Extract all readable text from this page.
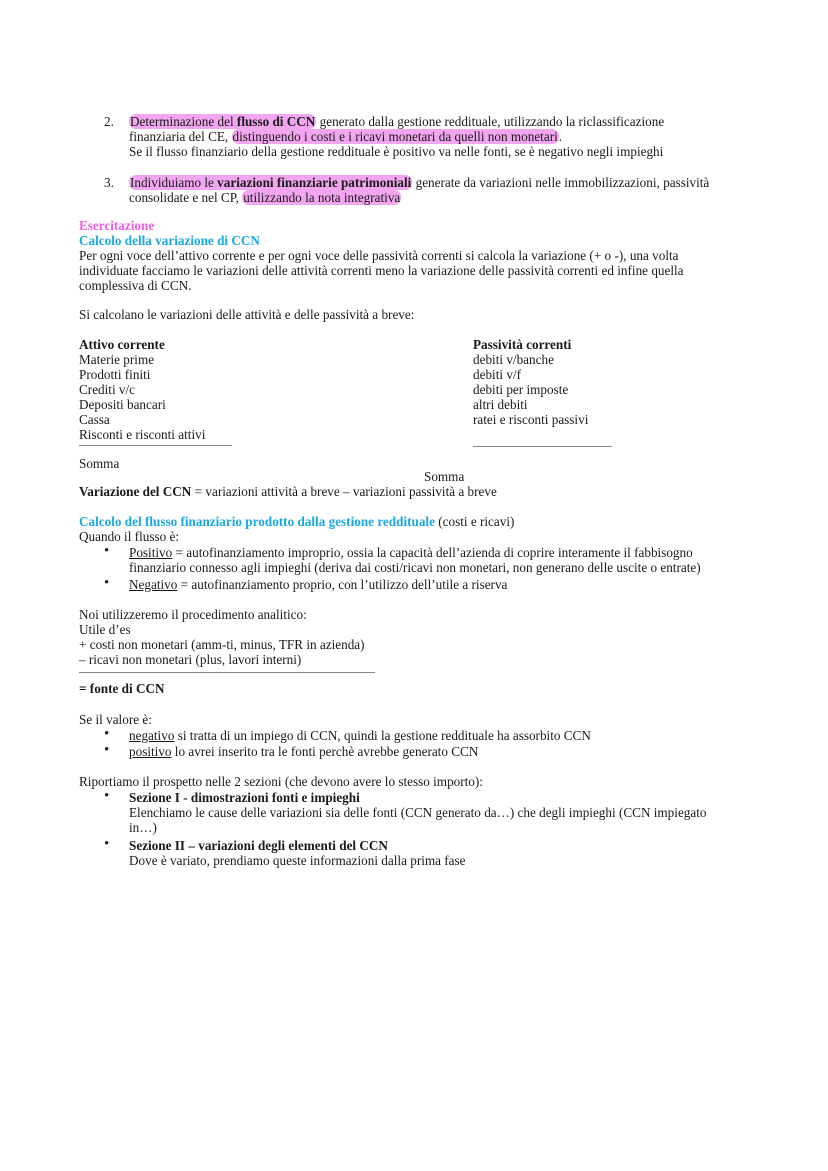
2. Determinazione del flusso di CCN generato dalla gestione reddituale, utilizzando la riclassificazione
finanziaria del CE, distinguendo i costi e i ricavi monetari da quelli non monetari.
Se il flusso finanziario della gestione reddituale è positivo va nelle fonti, se è negativo negli impieghi
3. Individuiamo le variazioni finanziarie patrimoniali generate da variazioni nelle immobilizzazioni, passività
consolidate e nel CP, utilizzando la nota integrativa
Esercitazione
Calcolo della variazione di CCN
Per ogni voce dell’attivo corrente e per ogni voce delle passività correnti si calcola la variazione (+ o -), una volta
individuate facciamo le variazioni delle attività correnti meno la variazione delle passività correnti ed infine quella
complessiva di CCN.
Si calcolano le variazioni delle attività e delle passività a breve:
Attivo corrente
Materie prime
Prodotti finiti
Crediti v/c
Depositi bancari
Cassa
Risconti e risconti attivi
Somma
Passività correnti
debiti v/banche
debiti v/f
debiti per imposte
altri debiti
ratei e risconti passivi
Somma
Variazione del CCN = variazioni attività a breve – variazioni passività a breve
Calcolo del flusso finanziario prodotto dalla gestione reddituale (costi e ricavi)
Quando il flusso è:
• Positivo = autofinanziamento improprio, ossia la capacità dell’azienda di coprire interamente il fabbisogno
finanziario connesso agli impieghi (deriva dai costi/ricavi non monetari, non generano delle uscite o entrate)
• Negativo = autofinanziamento proprio, con l’utilizzo dell’utile a riserva
Noi utilizzeremo il procedimento analitico:
Utile d’es
+ costi non monetari (amm-ti, minus, TFR in azienda)
– ricavi non monetari (plus, lavori interni)
= fonte di CCN
Se il valore è:
• negativo si tratta di un impiego di CCN, quindi la gestione reddituale ha assorbito CCN
• positivo lo avrei inserito tra le fonti perchè avrebbe generato CCN
Riportiamo il prospetto nelle 2 sezioni (che devono avere lo stesso importo):
• Sezione I - dimostrazioni fonti e impieghi
Elenchiamo le cause delle variazioni sia delle fonti (CCN generato da…) che degli impieghi (CCN impiegato
in…)
• Sezione II – variazioni degli elementi del CCN
Dove è variato, prendiamo queste informazioni dalla prima fase
